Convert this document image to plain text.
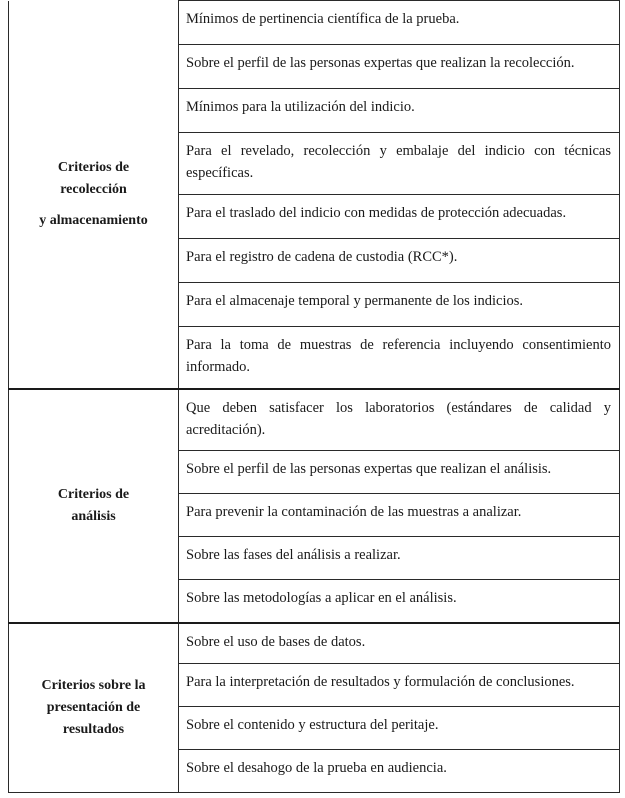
Criterios de
recolección
y almacenamiento	Mínimos de pertinencia científica de la prueba.
	Sobre el perfil de las personas expertas que realizan la recolección.
	Mínimos para la utilización del indicio.
	Para el revelado, recolección y embalaje del indicio con técnicas específicas.
	Para el traslado del indicio con medidas de protección adecuadas.
	Para el registro de cadena de custodia (RCC*).
	Para el almacenaje temporal y permanente de los indicios.
	Para la toma de muestras de referencia incluyendo consentimiento informado.

Criterios de
análisis	Que deben satisfacer los laboratorios (estándares de calidad y acreditación).
	Sobre el perfil de las personas expertas que realizan el análisis.
	Para prevenir la contaminación de las muestras a analizar.
	Sobre las fases del análisis a realizar.
	Sobre las metodologías a aplicar en el análisis.

Criterios sobre la
presentación de
resultados	Sobre el uso de bases de datos.
	Para la interpretación de resultados y formulación de conclusiones.
	Sobre el contenido y estructura del peritaje.
	Sobre el desahogo de la prueba en audiencia.
